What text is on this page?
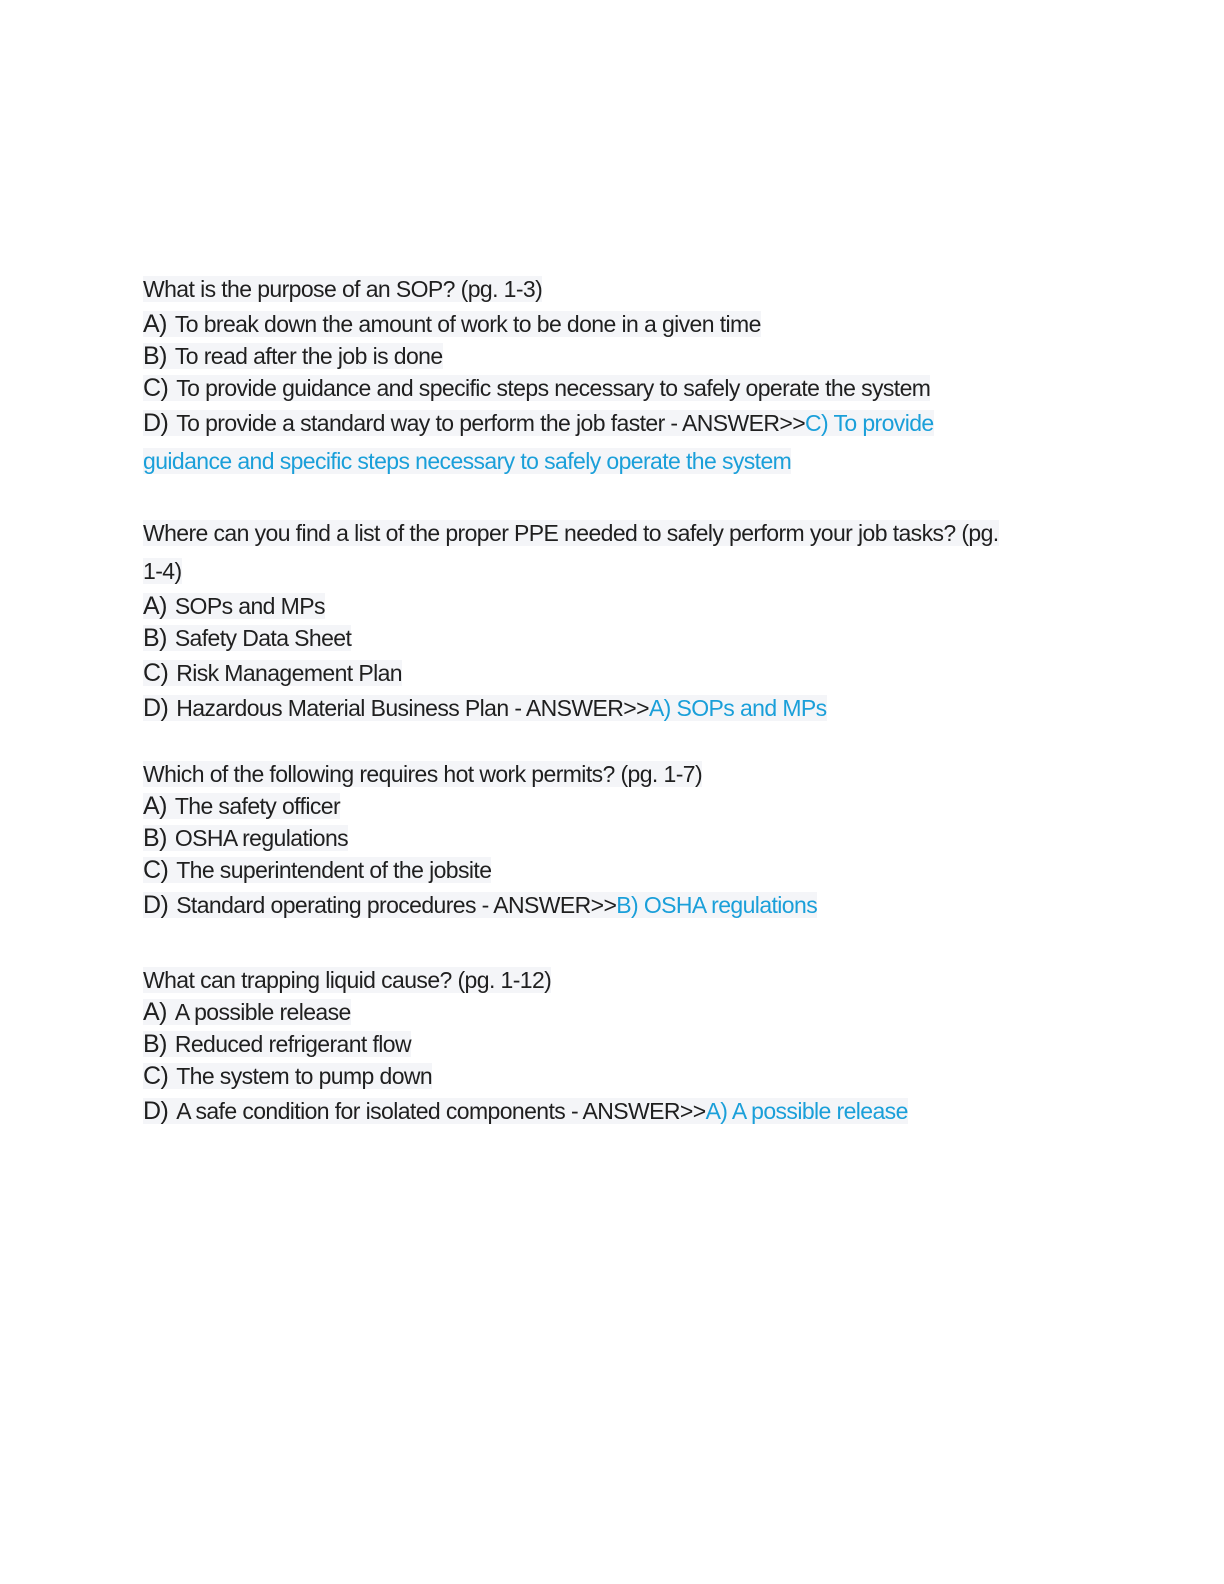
What is the purpose of an SOP? (pg. 1-3)
A) To break down the amount of work to be done in a given time
B) To read after the job is done
C) To provide guidance and specific steps necessary to safely operate the system
D) To provide a standard way to perform the job faster - ANSWER>>C) To provide guidance and specific steps necessary to safely operate the system
Where can you find a list of the proper PPE needed to safely perform your job tasks? (pg. 1-4)
A) SOPs and MPs
B) Safety Data Sheet
C) Risk Management Plan
D) Hazardous Material Business Plan - ANSWER>>A) SOPs and MPs
Which of the following requires hot work permits? (pg. 1-7)
A) The safety officer
B) OSHA regulations
C) The superintendent of the jobsite
D) Standard operating procedures - ANSWER>>B) OSHA regulations
What can trapping liquid cause? (pg. 1-12)
A) A possible release
B) Reduced refrigerant flow
C) The system to pump down
D) A safe condition for isolated components - ANSWER>>A) A possible release
